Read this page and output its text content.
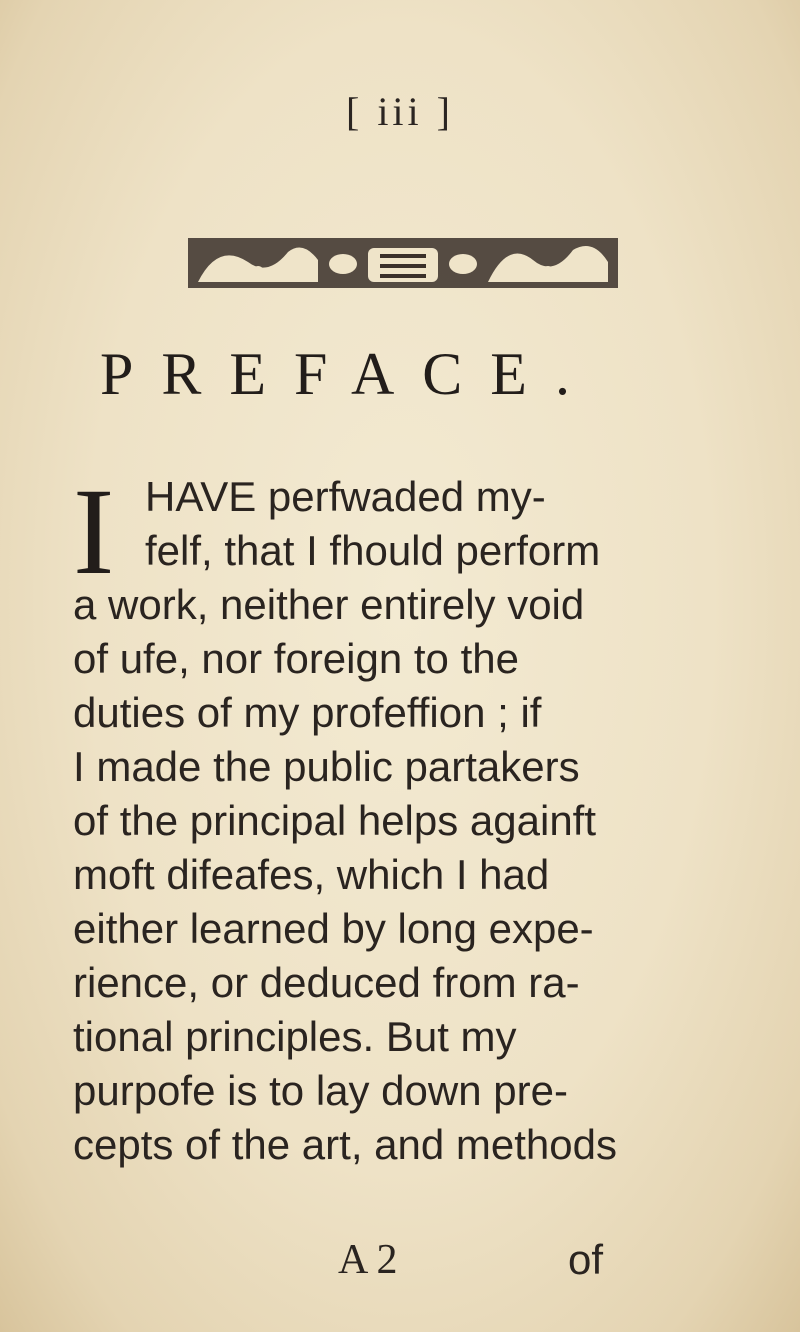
[ iii ]
PREFACE.
I HAVE perfwaded my-
felf, that I fhould perform
a work, neither entirely void
of ufe, nor foreign to the
duties of my profeffion ; if
I made the public partakers
of the principal helps againft
moft difeafes, which I had
either learned by long expe-
rience, or deduced from ra-
tional principles. But my
purpofe is to lay down pre-
cepts of the art, and methods
A 2	of
